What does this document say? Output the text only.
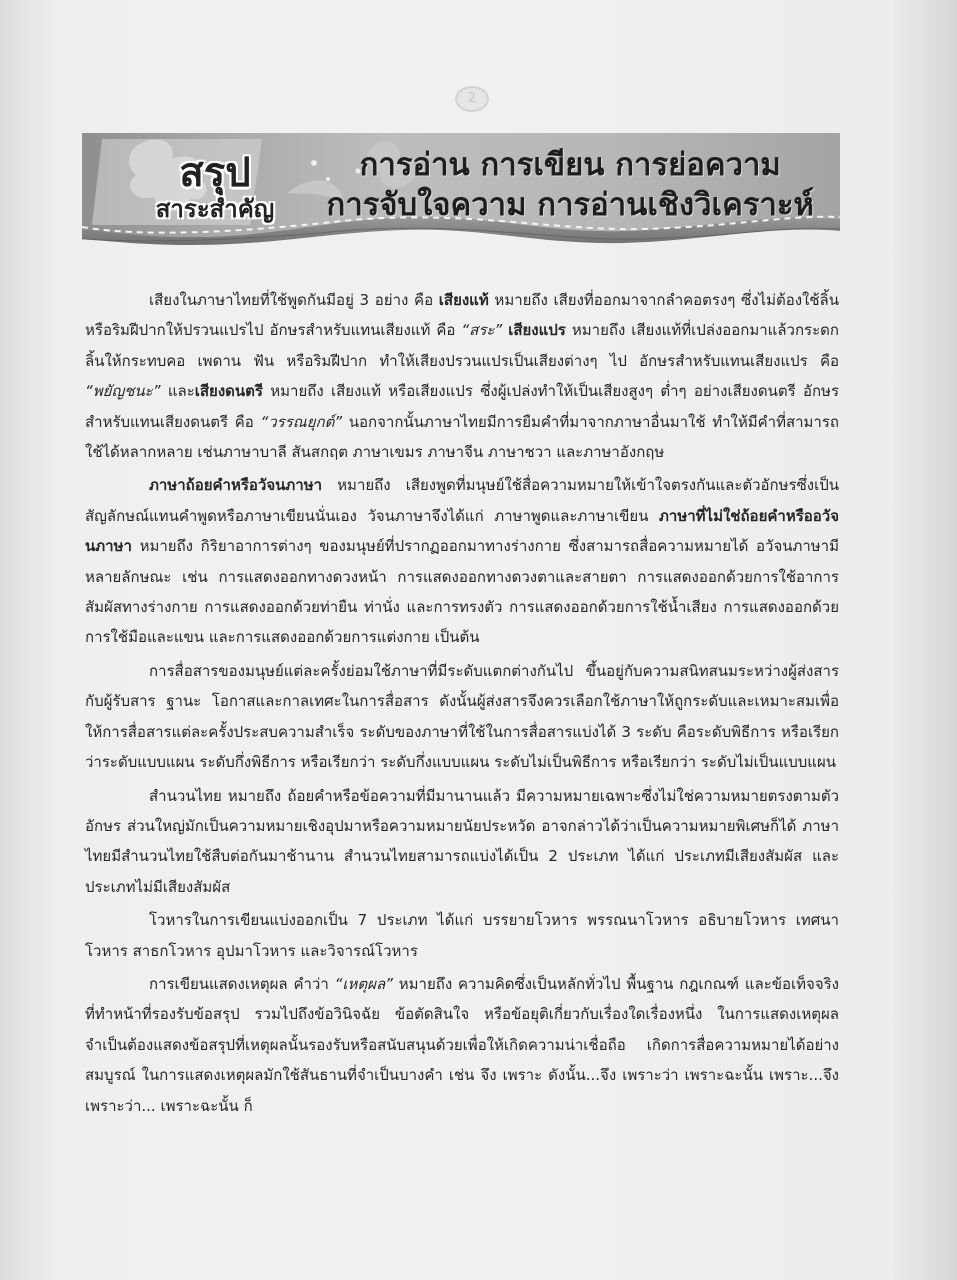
2
สรุป
สาระสำคัญ
การอ่าน การเขียน การย่อความ
การจับใจความ การอ่านเชิงวิเคราะห์

เสียงในภาษาไทยที่ใช้พูดกันมีอยู่ 3 อย่าง คือ เสียงแท้ หมายถึง เสียงที่ออกมาจากลำคอตรงๆ ซึ่งไม่ต้องใช้ลิ้นหรือริมฝีปากให้ปรวนแปรไป อักษรสำหรับแทนเสียงแท้ คือ “สระ” เสียงแปร หมายถึง เสียงแท้ที่เปล่งออกมาแล้วกระดกลิ้นให้กระทบคอ เพดาน ฟัน หรือริมฝีปาก ทำให้เสียงปรวนแปรเป็นเสียงต่างๆ ไป อักษรสำหรับแทนเสียงแปร คือ “พยัญชนะ” และเสียงดนตรี หมายถึง เสียงแท้ หรือเสียงแปร ซึ่งผู้เปล่งทำให้เป็นเสียงสูงๆ ต่ำๆ อย่างเสียงดนตรี อักษรสำหรับแทนเสียงดนตรี คือ “วรรณยุกต์” นอกจากนั้นภาษาไทยมีการยืมคำที่มาจากภาษาอื่นมาใช้ ทำให้มีคำที่สามารถใช้ได้หลากหลาย เช่นภาษาบาลี สันสกฤต ภาษาเขมร ภาษาจีน ภาษาชวา และภาษาอังกฤษ

ภาษาถ้อยคำหรือวัจนภาษา หมายถึง เสียงพูดที่มนุษย์ใช้สื่อความหมายให้เข้าใจตรงกันและตัวอักษรซึ่งเป็นสัญลักษณ์แทนคำพูดหรือภาษาเขียนนั่นเอง วัจนภาษาจึงได้แก่ ภาษาพูดและภาษาเขียน ภาษาที่ไม่ใช่ถ้อยคำหรืออวัจนภาษา หมายถึง กิริยาอาการต่างๆ ของมนุษย์ที่ปรากฏออกมาทางร่างกาย ซึ่งสามารถสื่อความหมายได้ อวัจนภาษามีหลายลักษณะ เช่น การแสดงออกทางดวงหน้า การแสดงออกทางดวงตาและสายตา การแสดงออกด้วยการใช้อาการสัมผัสทางร่างกาย การแสดงออกด้วยท่ายืน ท่านั่ง และการทรงตัว การแสดงออกด้วยการใช้น้ำเสียง การแสดงออกด้วยการใช้มือและแขน และการแสดงออกด้วยการแต่งกาย เป็นต้น

การสื่อสารของมนุษย์แต่ละครั้งย่อมใช้ภาษาที่มีระดับแตกต่างกันไป ขึ้นอยู่กับความสนิทสนมระหว่างผู้ส่งสารกับผู้รับสาร ฐานะ โอกาสและกาลเทศะในการสื่อสาร ดังนั้นผู้ส่งสารจึงควรเลือกใช้ภาษาให้ถูกระดับและเหมาะสมเพื่อให้การสื่อสารแต่ละครั้งประสบความสำเร็จ ระดับของภาษาที่ใช้ในการสื่อสารแบ่งได้ 3 ระดับ คือระดับพิธีการ หรือเรียกว่าระดับแบบแผน ระดับกึ่งพิธีการ หรือเรียกว่า ระดับกึ่งแบบแผน ระดับไม่เป็นพิธีการ หรือเรียกว่า ระดับไม่เป็นแบบแผน

สำนวนไทย หมายถึง ถ้อยคำหรือข้อความที่มีมานานแล้ว มีความหมายเฉพาะซึ่งไม่ใช่ความหมายตรงตามตัวอักษร ส่วนใหญ่มักเป็นความหมายเชิงอุปมาหรือความหมายนัยประหวัด อาจกล่าวได้ว่าเป็นความหมายพิเศษก็ได้ ภาษาไทยมีสำนวนไทยใช้สืบต่อกันมาช้านาน สำนวนไทยสามารถแบ่งได้เป็น 2 ประเภท ได้แก่ ประเภทมีเสียงสัมผัส และประเภทไม่มีเสียงสัมผัส

โวหารในการเขียนแบ่งออกเป็น 7 ประเภท ได้แก่ บรรยายโวหาร พรรณนาโวหาร อธิบายโวหาร เทศนาโวหาร สาธกโวหาร อุปมาโวหาร และวิจารณ์โวหาร

การเขียนแสดงเหตุผล คำว่า “เหตุผล” หมายถึง ความคิดซึ่งเป็นหลักทั่วไป พื้นฐาน กฎเกณฑ์ และข้อเท็จจริงที่ทำหน้าที่รองรับข้อสรุป รวมไปถึงข้อวินิจฉัย ข้อตัดสินใจ หรือข้อยุติเกี่ยวกับเรื่องใดเรื่องหนึ่ง ในการแสดงเหตุผลจำเป็นต้องแสดงข้อสรุปที่เหตุผลนั้นรองรับหรือสนับสนุนด้วยเพื่อให้เกิดความน่าเชื่อถือ เกิดการสื่อความหมายได้อย่างสมบูรณ์ ในการแสดงเหตุผลมักใช้สันธานที่จำเป็นบางคำ เช่น จึง เพราะ ดังนั้น...จึง เพราะว่า เพราะฉะนั้น เพราะ...จึง เพราะว่า... เพราะฉะนั้น ก็
